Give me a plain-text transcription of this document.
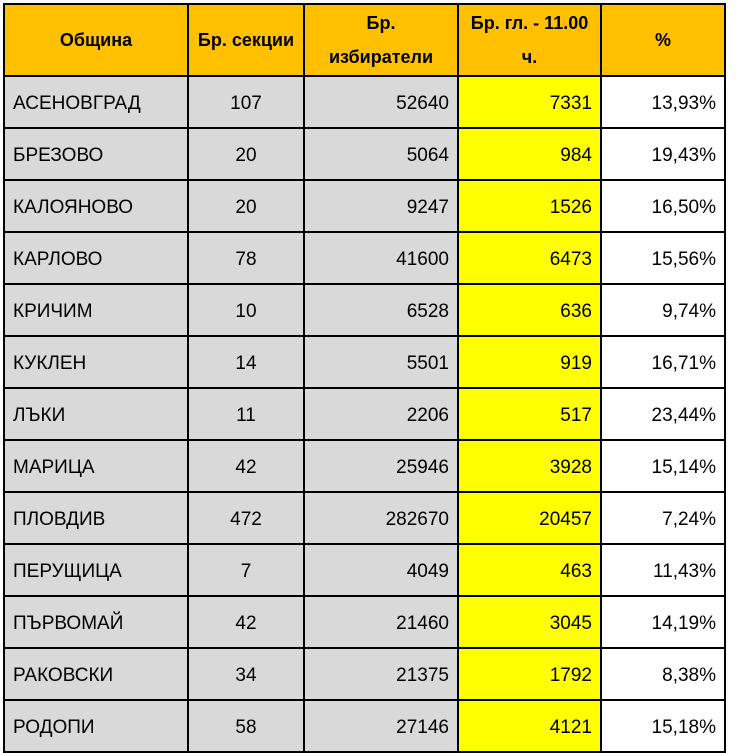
Община	Бр. секции	Бр. избиратели	Бр. гл. - 11.00 ч.	%
АСЕНОВГРАД	107	52640	7331	13,93%
БРЕЗОВО	20	5064	984	19,43%
КАЛОЯНОВО	20	9247	1526	16,50%
КАРЛОВО	78	41600	6473	15,56%
КРИЧИМ	10	6528	636	9,74%
КУКЛЕН	14	5501	919	16,71%
ЛЪКИ	11	2206	517	23,44%
МАРИЦА	42	25946	3928	15,14%
ПЛОВДИВ	472	282670	20457	7,24%
ПЕРУЩИЦА	7	4049	463	11,43%
ПЪРВОМАЙ	42	21460	3045	14,19%
РАКОВСКИ	34	21375	1792	8,38%
РОДОПИ	58	27146	4121	15,18%
